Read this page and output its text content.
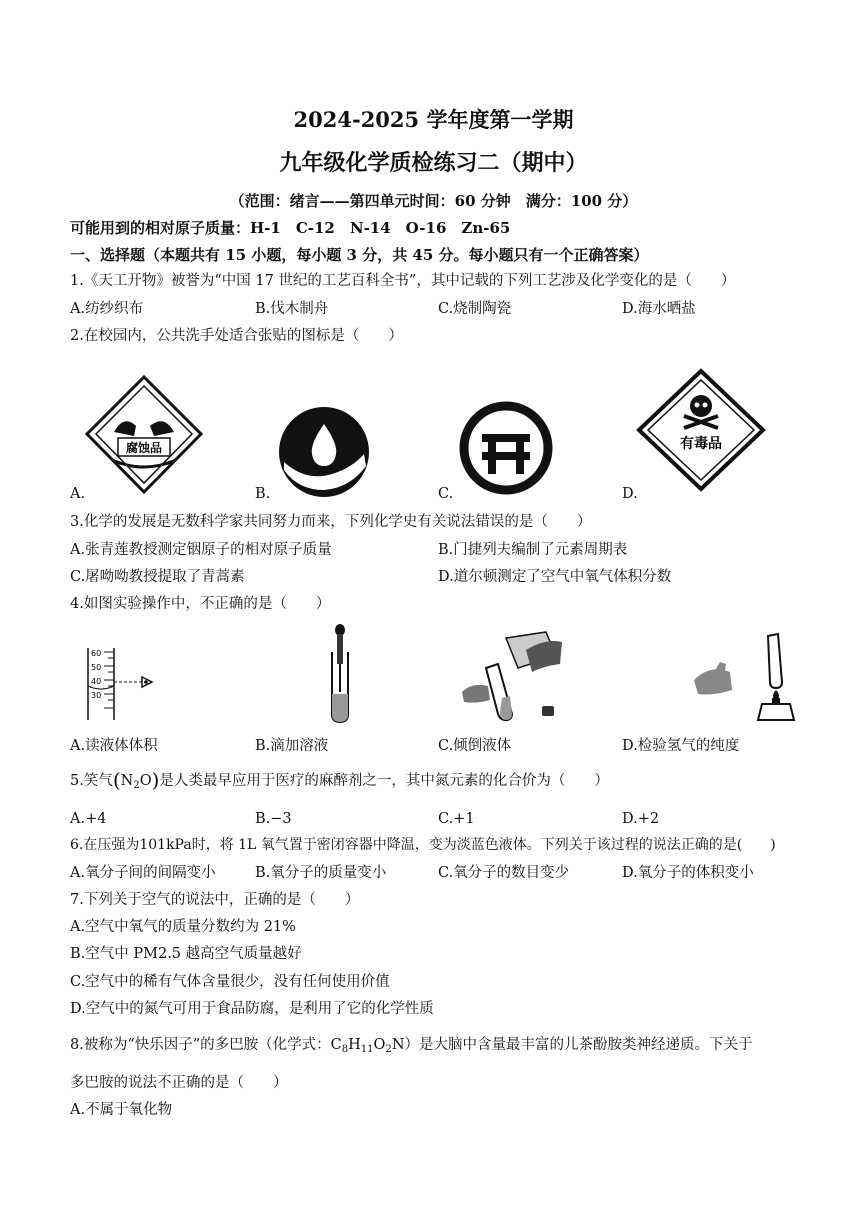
2024-2025 学年度第一学期
九年级化学质检练习二（期中）
（范围：绪言——第四单元时间：60 分钟　满分：100 分）
可能用到的相对原子质量：H-1　C-12　N-14　O-16　Zn-65
一、选择题（本题共有 15 小题，每小题 3 分，共 45 分。每小题只有一个正确答案）
1.《天工开物》被誉为“中国 17 世纪的工艺百科全书”，其中记载的下列工艺涉及化学变化的是（　　）
A.纺纱织布	B.伐木制舟	C.烧制陶瓷	D.海水晒盐
2.在校园内，公共洗手处适合张贴的图标是（　　）
腐蚀品	有毒品
A.	B.	C.	D.
3.化学的发展是无数科学家共同努力而来，下列化学史有关说法错误的是（　　）
A.张青莲教授测定铟原子的相对原子质量	B.门捷列夫编制了元素周期表
C.屠呦呦教授提取了青蒿素	D.道尔顿测定了空气中氧气体积分数
4.如图实验操作中，不正确的是（　　）
60
50
40
30
A.读液体体积	B.滴加溶液	C.倾倒液体	D.检验氢气的纯度
5.笑气$(N_2O)$是人类最早应用于医疗的麻醉剂之一，其中氮元素的化合价为（　　）
A.+4	B.−3	C.+1	D.+2
6.在压强为101kPa时，将 1L 氧气置于密闭容器中降温，变为淡蓝色液体。下列关于该过程的说法正确的是(　　)
A.氧分子间的间隔变小	B.氧分子的质量变小	C.氧分子的数目变少	D.氧分子的体积变小
7.下列关于空气的说法中，正确的是（　　）
A.空气中氧气的质量分数约为 21%
B.空气中 PM2.5 越高空气质量越好
C.空气中的稀有气体含量很少，没有任何使用价值
D.空气中的氮气可用于食品防腐，是利用了它的化学性质
8.被称为“快乐因子”的多巴胺（化学式：$C_8H_{11}O_2N$）是大脑中含量最丰富的儿茶酚胺类神经递质。下关于
多巴胺的说法不正确的是（　　）
A.不属于氧化物
